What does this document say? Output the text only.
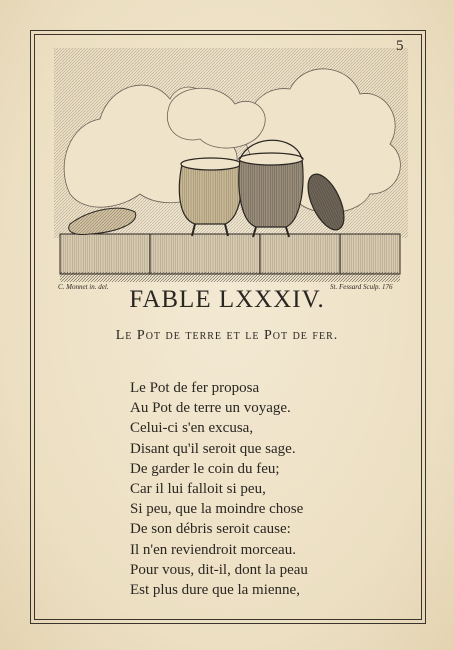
5
C. Monnet in. del.	St. Fessard Sculp. 176
FABLE LXXXIV.
Le Pot de terre et le Pot de fer.
Le Pot de fer proposa
Au Pot de terre un voyage.
Celui-ci s'en excusa,
Disant qu'il seroit que sage.
De garder le coin du feu;
Car il lui falloit si peu,
Si peu, que la moindre chose
De son débris seroit cause:
Il n'en reviendroit morceau.
Pour vous, dit-il, dont la peau
Est plus dure que la mienne,
